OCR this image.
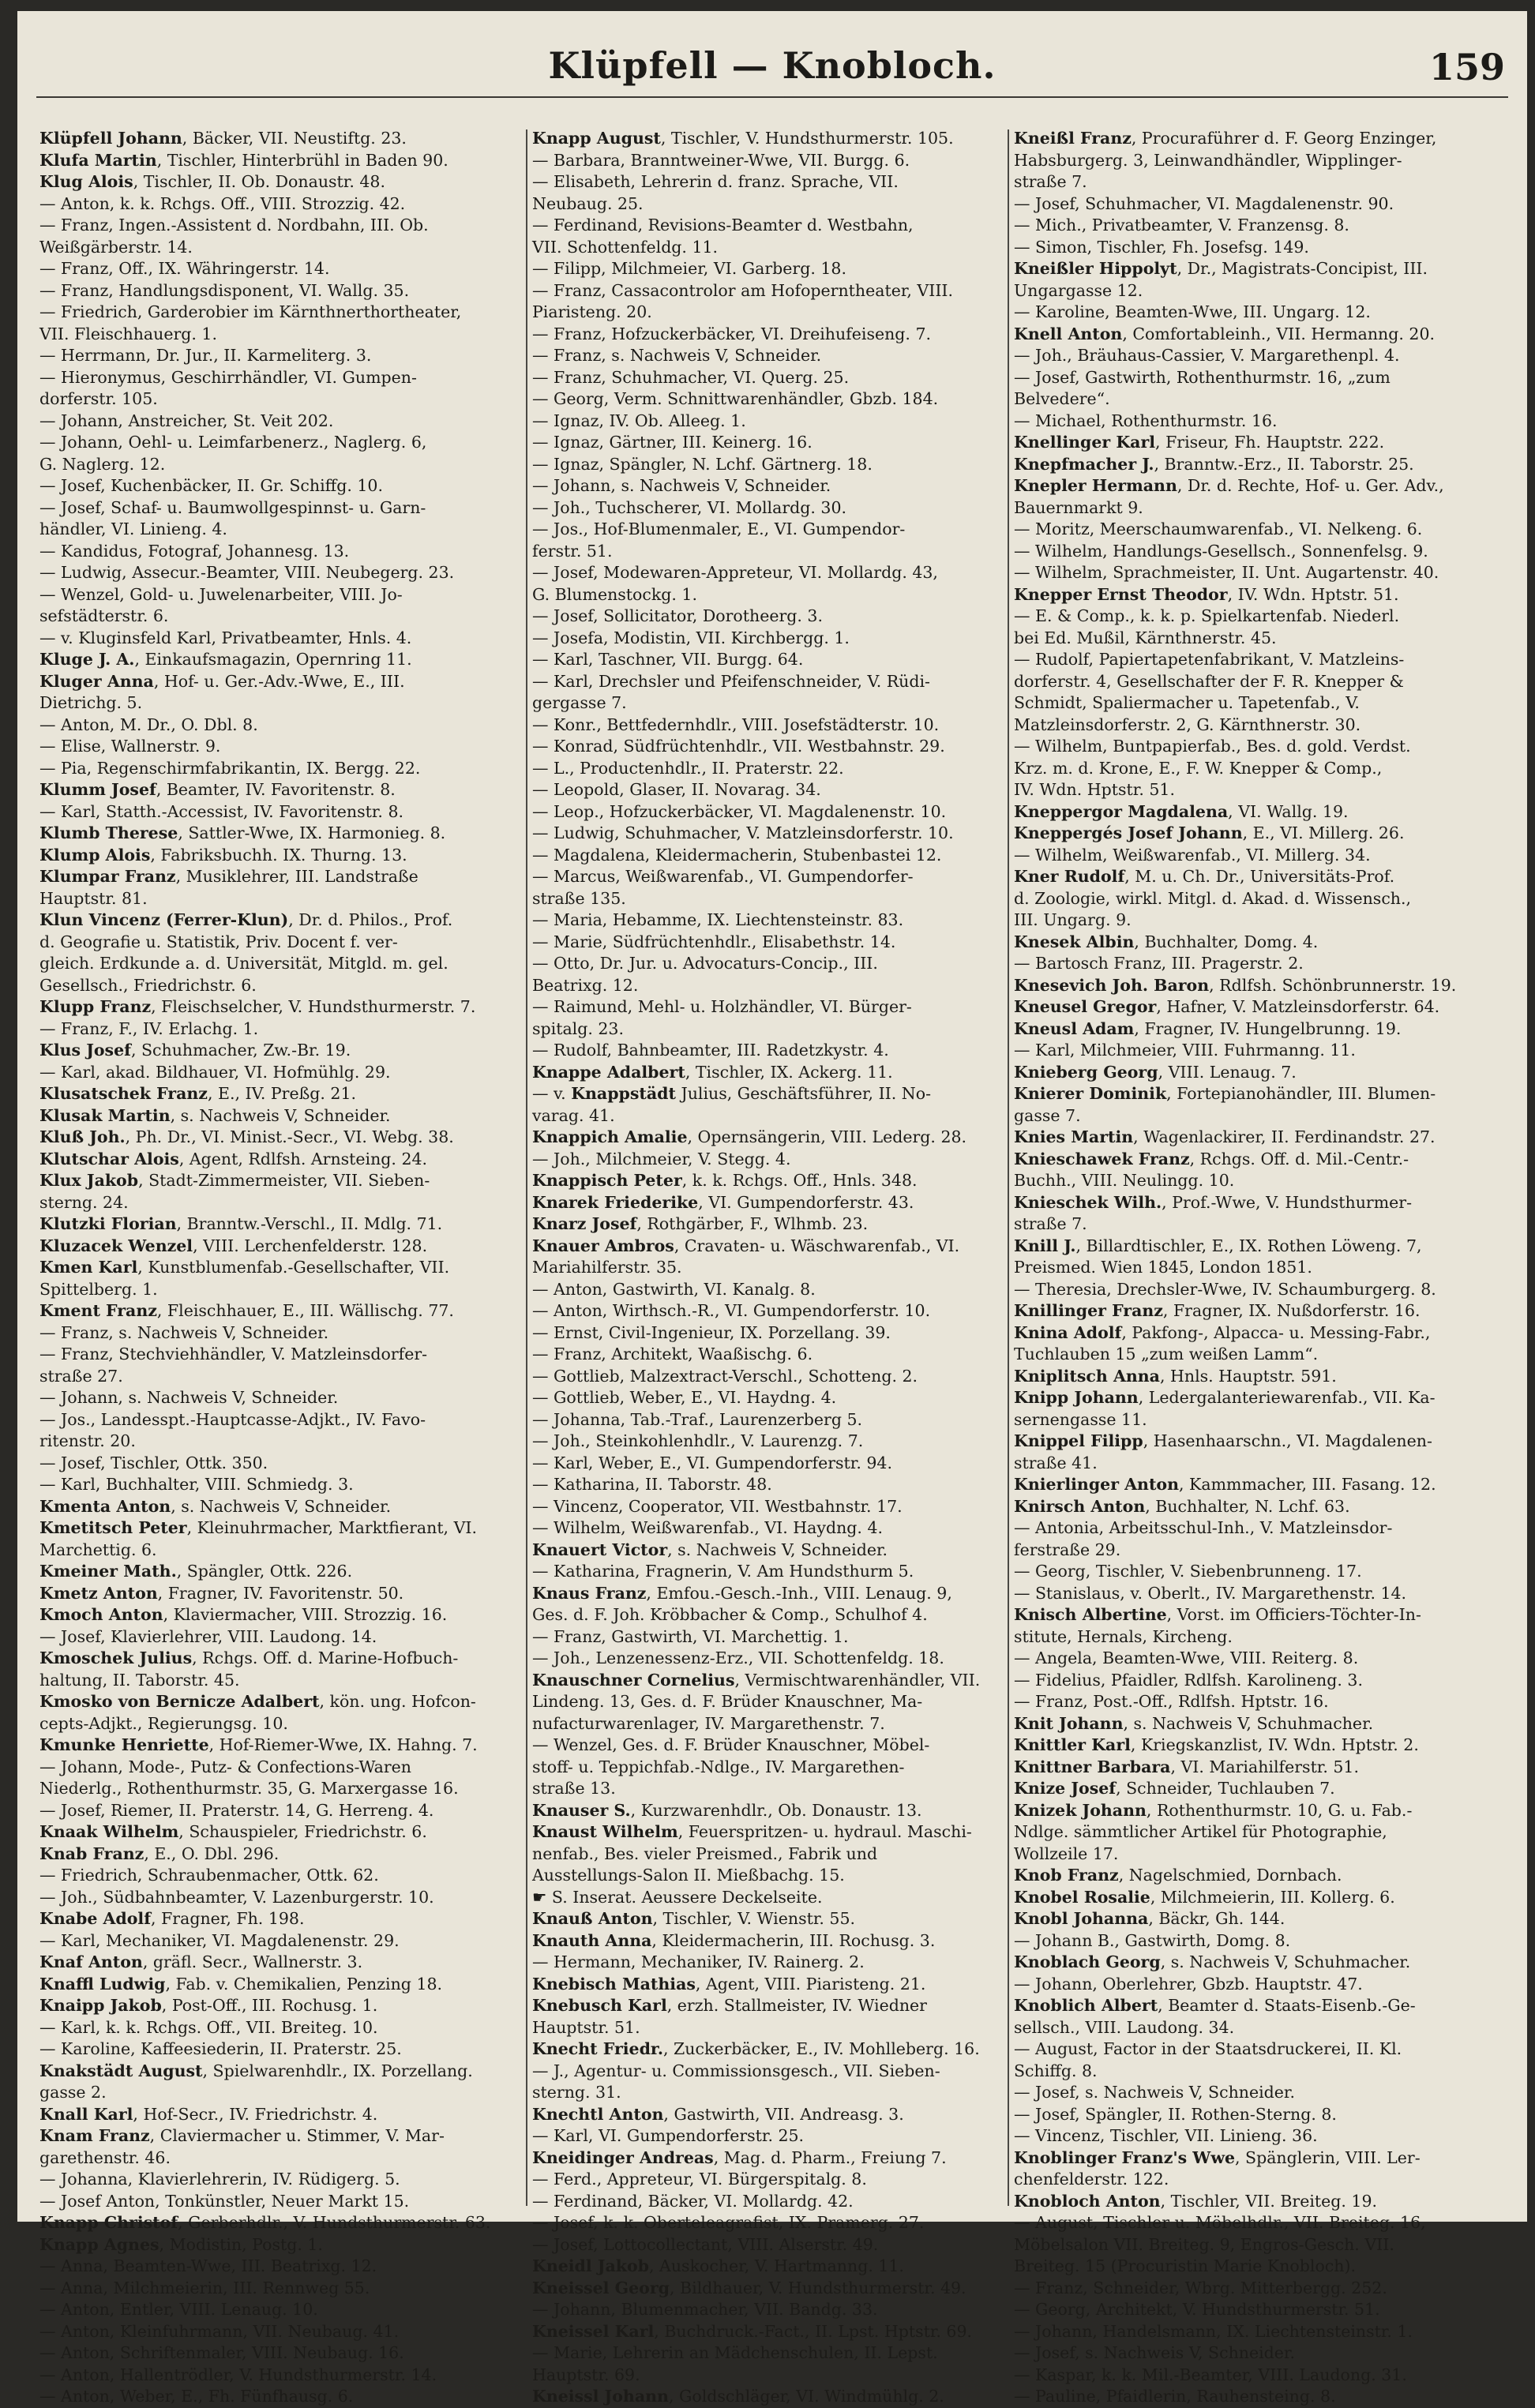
Klüpfell — Knobloch.	159
Klüpfell Johann, Bäcker, VII. Neustiftg. 23.
Klufa Martin, Tischler, Hinterbrühl in Baden 90.
Klug Alois, Tischler, II. Ob. Donaustr. 48.
— Anton, k. k. Rchgs. Off., VIII. Strozzig. 42.
— Franz, Ingen.-Assistent d. Nordbahn, III. Ob.
Weißgärberstr. 14.
— Franz, Off., IX. Währingerstr. 14.
— Franz, Handlungsdisponent, VI. Wallg. 35.
— Friedrich, Garderobier im Kärnthnerthortheater,
VII. Fleischhauerg. 1.
— Herrmann, Dr. Jur., II. Karmeliterg. 3.
— Hieronymus, Geschirrhändler, VI. Gumpen-
dorferstr. 105.
— Johann, Anstreicher, St. Veit 202.
— Johann, Oehl- u. Leimfarbenerz., Naglerg. 6,
G. Naglerg. 12.
— Josef, Kuchenbäcker, II. Gr. Schiffg. 10.
— Josef, Schaf- u. Baumwollgespinnst- u. Garn-
händler, VI. Linieng. 4.
— Kandidus, Fotograf, Johannesg. 13.
— Ludwig, Assecur.-Beamter, VIII. Neubegerg. 23.
— Wenzel, Gold- u. Juwelenarbeiter, VIII. Jo-
sefstädterstr. 6.
— v. Kluginsfeld Karl, Privatbeamter, Hnls. 4.
Kluge J. A., Einkaufsmagazin, Opernring 11.
Kluger Anna, Hof- u. Ger.-Adv.-Wwe, E., III.
Dietrichg. 5.
— Anton, M. Dr., O. Dbl. 8.
— Elise, Wallnerstr. 9.
— Pia, Regenschirmfabrikantin, IX. Bergg. 22.
Klumm Josef, Beamter, IV. Favoritenstr. 8.
— Karl, Statth.-Accessist, IV. Favoritenstr. 8.
Klumb Therese, Sattler-Wwe, IX. Harmonieg. 8.
Klump Alois, Fabriksbuchh. IX. Thurng. 13.
Klumpar Franz, Musiklehrer, III. Landstraße
Hauptstr. 81.
Klun Vincenz (Ferrer-Klun), Dr. d. Philos., Prof.
d. Geografie u. Statistik, Priv. Docent f. ver-
gleich. Erdkunde a. d. Universität, Mitgld. m. gel.
Gesellsch., Friedrichstr. 6.
Klupp Franz, Fleischselcher, V. Hundsthurmerstr. 7.
— Franz, F., IV. Erlachg. 1.
Klus Josef, Schuhmacher, Zw.-Br. 19.
— Karl, akad. Bildhauer, VI. Hofmühlg. 29.
Klusatschek Franz, E., IV. Preßg. 21.
Klusak Martin, s. Nachweis V, Schneider.
Kluß Joh., Ph. Dr., VI. Minist.-Secr., VI. Webg. 38.
Klutschar Alois, Agent, Rdlfsh. Arnsteing. 24.
Klux Jakob, Stadt-Zimmermeister, VII. Sieben-
sterng. 24.
Klutzki Florian, Branntw.-Verschl., II. Mdlg. 71.
Kluzacek Wenzel, VIII. Lerchenfelderstr. 128.
Kmen Karl, Kunstblumenfab.-Gesellschafter, VII.
Spittelberg. 1.
Kment Franz, Fleischhauer, E., III. Wällischg. 77.
— Franz, s. Nachweis V, Schneider.
— Franz, Stechviehhändler, V. Matzleinsdorfer-
straße 27.
— Johann, s. Nachweis V, Schneider.
— Jos., Landesspt.-Hauptcasse-Adjkt., IV. Favo-
ritenstr. 20.
— Josef, Tischler, Ottk. 350.
— Karl, Buchhalter, VIII. Schmiedg. 3.
Kmenta Anton, s. Nachweis V, Schneider.
Kmetitsch Peter, Kleinuhrmacher, Marktfierant, VI.
Marchettig. 6.
Kmeiner Math., Spängler, Ottk. 226.
Kmetz Anton, Fragner, IV. Favoritenstr. 50.
Kmoch Anton, Klaviermacher, VIII. Strozzig. 16.
— Josef, Klavierlehrer, VIII. Laudong. 14.
Kmoschek Julius, Rchgs. Off. d. Marine-Hofbuch-
haltung, II. Taborstr. 45.
Kmosko von Bernicze Adalbert, kön. ung. Hofcon-
cepts-Adjkt., Regierungsg. 10.
Kmunke Henriette, Hof-Riemer-Wwe, IX. Hahng. 7.
— Johann, Mode-, Putz- & Confections-Waren
Niederlg., Rothenthurmstr. 35, G. Marxergasse 16.
— Josef, Riemer, II. Praterstr. 14, G. Herreng. 4.
Knaak Wilhelm, Schauspieler, Friedrichstr. 6.
Knab Franz, E., O. Dbl. 296.
— Friedrich, Schraubenmacher, Ottk. 62.
— Joh., Südbahnbeamter, V. Lazenburgerstr. 10.
Knabe Adolf, Fragner, Fh. 198.
— Karl, Mechaniker, VI. Magdalenenstr. 29.
Knaf Anton, gräfl. Secr., Wallnerstr. 3.
Knaffl Ludwig, Fab. v. Chemikalien, Penzing 18.
Knaipp Jakob, Post-Off., III. Rochusg. 1.
— Karl, k. k. Rchgs. Off., VII. Breiteg. 10.
— Karoline, Kaffeesiederin, II. Praterstr. 25.
Knakstädt August, Spielwarenhdlr., IX. Porzellang.
gasse 2.
Knall Karl, Hof-Secr., IV. Friedrichstr. 4.
Knam Franz, Claviermacher u. Stimmer, V. Mar-
garethenstr. 46.
— Johanna, Klavierlehrerin, IV. Rüdigerg. 5.
— Josef Anton, Tonkünstler, Neuer Markt 15.
Knapp Christof, Gerberhdlr., V. Hundsthurmerstr. 63.
Knapp Agnes, Modistin, Postg. 1.
— Anna, Beamten-Wwe, III. Beatrixg. 12.
— Anna, Milchmeierin, III. Rennweg 55.
— Anton, Entler, VIII. Lenaug. 10.
— Anton, Kleinfuhrmann, VII. Neubaug. 41.
— Anton, Schriftenmaler, VIII. Neubaug. 16.
— Anton, Hallentrödler, V. Hundsthurmerstr. 14.
— Anton, Weber, E., Fh. Fünfhausg. 6.
Knapp August, Tischler, V. Hundsthurmerstr. 105.
— Barbara, Branntweiner-Wwe, VII. Burgg. 6.
— Elisabeth, Lehrerin d. franz. Sprache, VII.
Neubaug. 25.
— Ferdinand, Revisions-Beamter d. Westbahn,
VII. Schottenfeldg. 11.
— Filipp, Milchmeier, VI. Garberg. 18.
— Franz, Cassacontrolor am Hofoperntheater, VIII.
Piaristeng. 20.
— Franz, Hofzuckerbäcker, VI. Dreihufeiseng. 7.
— Franz, s. Nachweis V, Schneider.
— Franz, Schuhmacher, VI. Querg. 25.
— Georg, Verm. Schnittwarenhändler, Gbzb. 184.
— Ignaz, IV. Ob. Alleeg. 1.
— Ignaz, Gärtner, III. Keinerg. 16.
— Ignaz, Spängler, N. Lchf. Gärtnerg. 18.
— Johann, s. Nachweis V, Schneider.
— Joh., Tuchscherer, VI. Mollardg. 30.
— Jos., Hof-Blumenmaler, E., VI. Gumpendor-
ferstr. 51.
— Josef, Modewaren-Appreteur, VI. Mollardg. 43,
G. Blumenstockg. 1.
— Josef, Sollicitator, Dorotheerg. 3.
— Josefa, Modistin, VII. Kirchbergg. 1.
— Karl, Taschner, VII. Burgg. 64.
— Karl, Drechsler und Pfeifenschneider, V. Rüdi-
gergasse 7.
— Konr., Bettfedernhdlr., VIII. Josefstädterstr. 10.
— Konrad, Südfrüchtenhdlr., VII. Westbahnstr. 29.
— L., Productenhdlr., II. Praterstr. 22.
— Leopold, Glaser, II. Novarag. 34.
— Leop., Hofzuckerbäcker, VI. Magdalenenstr. 10.
— Ludwig, Schuhmacher, V. Matzleinsdorferstr. 10.
— Magdalena, Kleidermacherin, Stubenbastei 12.
— Marcus, Weißwarenfab., VI. Gumpendorfer-
straße 135.
— Maria, Hebamme, IX. Liechtensteinstr. 83.
— Marie, Südfrüchtenhdlr., Elisabethstr. 14.
— Otto, Dr. Jur. u. Advocaturs-Concip., III.
Beatrixg. 12.
— Raimund, Mehl- u. Holzhändler, VI. Bürger-
spitalg. 23.
— Rudolf, Bahnbeamter, III. Radetzkystr. 4.
Knappe Adalbert, Tischler, IX. Ackerg. 11.
— v. Knappstädt Julius, Geschäftsführer, II. No-
varag. 41.
Knappich Amalie, Opernsängerin, VIII. Lederg. 28.
— Joh., Milchmeier, V. Stegg. 4.
Knappisch Peter, k. k. Rchgs. Off., Hnls. 348.
Knarek Friederike, VI. Gumpendorferstr. 43.
Knarz Josef, Rothgärber, F., Wlhmb. 23.
Knauer Ambros, Cravaten- u. Wäschwarenfab., VI.
Mariahilferstr. 35.
— Anton, Gastwirth, VI. Kanalg. 8.
— Anton, Wirthsch.-R., VI. Gumpendorferstr. 10.
— Ernst, Civil-Ingenieur, IX. Porzellang. 39.
— Franz, Architekt, Waaßischg. 6.
— Gottlieb, Malzextract-Verschl., Schotteng. 2.
— Gottlieb, Weber, E., VI. Haydng. 4.
— Johanna, Tab.-Traf., Laurenzerberg 5.
— Joh., Steinkohlenhdlr., V. Laurenzg. 7.
— Karl, Weber, E., VI. Gumpendorferstr. 94.
— Katharina, II. Taborstr. 48.
— Vincenz, Cooperator, VII. Westbahnstr. 17.
— Wilhelm, Weißwarenfab., VI. Haydng. 4.
Knauert Victor, s. Nachweis V, Schneider.
— Katharina, Fragnerin, V. Am Hundsthurm 5.
Knaus Franz, Emfou.-Gesch.-Inh., VIII. Lenaug. 9,
Ges. d. F. Joh. Kröbbacher & Comp., Schulhof 4.
— Franz, Gastwirth, VI. Marchettig. 1.
— Joh., Lenzenessenz-Erz., VII. Schottenfeldg. 18.
Knauschner Cornelius, Vermischtwarenhändler, VII.
Lindeng. 13, Ges. d. F. Brüder Knauschner, Ma-
nufacturwarenlager, IV. Margarethenstr. 7.
— Wenzel, Ges. d. F. Brüder Knauschner, Möbel-
stoff- u. Teppichfab.-Ndlge., IV. Margarethen-
straße 13.
Knauser S., Kurzwarenhdlr., Ob. Donaustr. 13.
Knaust Wilhelm, Feuerspritzen- u. hydraul. Maschi-
nenfab., Bes. vieler Preismed., Fabrik und
Ausstellungs-Salon II. Mießbachg. 15.
☛ S. Inserat. Aeussere Deckelseite.
Knauß Anton, Tischler, V. Wienstr. 55.
Knauth Anna, Kleidermacherin, III. Rochusg. 3.
— Hermann, Mechaniker, IV. Rainerg. 2.
Knebisch Mathias, Agent, VIII. Piaristeng. 21.
Knebusch Karl, erzh. Stallmeister, IV. Wiedner
Hauptstr. 51.
Knecht Friedr., Zuckerbäcker, E., IV. Mohlleberg. 16.
— J., Agentur- u. Commissionsgesch., VII. Sieben-
sterng. 31.
Knechtl Anton, Gastwirth, VII. Andreasg. 3.
— Karl, VI. Gumpendorferstr. 25.
Kneidinger Andreas, Mag. d. Pharm., Freiung 7.
— Ferd., Appreteur, VI. Bürgerspitalg. 8.
— Ferdinand, Bäcker, VI. Mollardg. 42.
— Josef, k. k. Oberteleagrafist, IX. Pramerg. 27.
— Josef, Lottocollectant, VIII. Alserstr. 49.
Kneidl Jakob, Auskocher, V. Hartmanng. 11.
Kneissel Georg, Bildhauer, V. Hundsthurmerstr. 49.
— Johann, Blumenmacher, VII. Bandg. 33.
Kneissel Karl, Buchdruck.-Fact., II. Lpst. Hptstr. 69.
— Marie, Lehrerin an Mädchenschulen, II. Lepst.
Hauptstr. 69.
Kneissl Johann, Goldschläger, VI. Windmühlg. 2.
Kneißl Franz, Procuraführer d. F. Georg Enzinger,
Habsburgerg. 3, Leinwandhändler, Wipplinger-
straße 7.
— Josef, Schuhmacher, VI. Magdalenenstr. 90.
— Mich., Privatbeamter, V. Franzensg. 8.
— Simon, Tischler, Fh. Josefsg. 149.
Kneißler Hippolyt, Dr., Magistrats-Concipist, III.
Ungargasse 12.
— Karoline, Beamten-Wwe, III. Ungarg. 12.
Knell Anton, Comfortableinh., VII. Hermanng. 20.
— Joh., Bräuhaus-Cassier, V. Margarethenpl. 4.
— Josef, Gastwirth, Rothenthurmstr. 16, „zum
Belvedere“.
— Michael, Rothenthurmstr. 16.
Knellinger Karl, Friseur, Fh. Hauptstr. 222.
Knepfmacher J., Branntw.-Erz., II. Taborstr. 25.
Knepler Hermann, Dr. d. Rechte, Hof- u. Ger. Adv.,
Bauernmarkt 9.
— Moritz, Meerschaumwarenfab., VI. Nelkeng. 6.
— Wilhelm, Handlungs-Gesellsch., Sonnenfelsg. 9.
— Wilhelm, Sprachmeister, II. Unt. Augartenstr. 40.
Knepper Ernst Theodor, IV. Wdn. Hptstr. 51.
— E. & Comp., k. k. p. Spielkartenfab. Niederl.
bei Ed. Mußil, Kärnthnerstr. 45.
— Rudolf, Papiertapetenfabrikant, V. Matzleins-
dorferstr. 4, Gesellschafter der F. R. Knepper &
Schmidt, Spaliermacher u. Tapetenfab., V.
Matzleinsdorferstr. 2, G. Kärnthnerstr. 30.
— Wilhelm, Buntpapierfab., Bes. d. gold. Verdst.
Krz. m. d. Krone, E., F. W. Knepper & Comp.,
IV. Wdn. Hptstr. 51.
Kneppergor Magdalena, VI. Wallg. 19.
Kneppergés Josef Johann, E., VI. Millerg. 26.
— Wilhelm, Weißwarenfab., VI. Millerg. 34.
Kner Rudolf, M. u. Ch. Dr., Universitäts-Prof.
d. Zoologie, wirkl. Mitgl. d. Akad. d. Wissensch.,
III. Ungarg. 9.
Knesek Albin, Buchhalter, Domg. 4.
— Bartosch Franz, III. Pragerstr. 2.
Knesevich Joh. Baron, Rdlfsh. Schönbrunnerstr. 19.
Kneusel Gregor, Hafner, V. Matzleinsdorferstr. 64.
Kneusl Adam, Fragner, IV. Hungelbrunng. 19.
— Karl, Milchmeier, VIII. Fuhrmanng. 11.
Knieberg Georg, VIII. Lenaug. 7.
Knierer Dominik, Fortepianohändler, III. Blumen-
gasse 7.
Knies Martin, Wagenlackirer, II. Ferdinandstr. 27.
Knieschawek Franz, Rchgs. Off. d. Mil.-Centr.-
Buchh., VIII. Neulingg. 10.
Knieschek Wilh., Prof.-Wwe, V. Hundsthurmer-
straße 7.
Knill J., Billardtischler, E., IX. Rothen Löweng. 7,
Preismed. Wien 1845, London 1851.
— Theresia, Drechsler-Wwe, IV. Schaumburgerg. 8.
Knillinger Franz, Fragner, IX. Nußdorferstr. 16.
Knina Adolf, Pakfong-, Alpacca- u. Messing-Fabr.,
Tuchlauben 15 „zum weißen Lamm“.
Kniplitsch Anna, Hnls. Hauptstr. 591.
Knipp Johann, Ledergalanteriewarenfab., VII. Ka-
sernengasse 11.
Knippel Filipp, Hasenhaarschn., VI. Magdalenen-
straße 41.
Knierlinger Anton, Kammmacher, III. Fasang. 12.
Knirsch Anton, Buchhalter, N. Lchf. 63.
— Antonia, Arbeitsschul-Inh., V. Matzleinsdor-
ferstraße 29.
— Georg, Tischler, V. Siebenbrunneng. 17.
— Stanislaus, v. Oberlt., IV. Margarethenstr. 14.
Knisch Albertine, Vorst. im Officiers-Töchter-In-
stitute, Hernals, Kircheng.
— Angela, Beamten-Wwe, VIII. Reiterg. 8.
— Fidelius, Pfaidler, Rdlfsh. Karolineng. 3.
— Franz, Post.-Off., Rdlfsh. Hptstr. 16.
Knit Johann, s. Nachweis V, Schuhmacher.
Knittler Karl, Kriegskanzlist, IV. Wdn. Hptstr. 2.
Knittner Barbara, VI. Mariahilferstr. 51.
Knize Josef, Schneider, Tuchlauben 7.
Knizek Johann, Rothenthurmstr. 10, G. u. Fab.-
Ndlge. sämmtlicher Artikel für Photographie,
Wollzeile 17.
Knob Franz, Nagelschmied, Dornbach.
Knobel Rosalie, Milchmeierin, III. Kollerg. 6.
Knobl Johanna, Bäckr, Gh. 144.
— Johann B., Gastwirth, Domg. 8.
Knoblach Georg, s. Nachweis V, Schuhmacher.
— Johann, Oberlehrer, Gbzb. Hauptstr. 47.
Knoblich Albert, Beamter d. Staats-Eisenb.-Ge-
sellsch., VIII. Laudong. 34.
— August, Factor in der Staatsdruckerei, II. Kl.
Schiffg. 8.
— Josef, s. Nachweis V, Schneider.
— Josef, Spängler, II. Rothen-Sterng. 8.
— Vincenz, Tischler, VII. Linieng. 36.
Knoblinger Franz's Wwe, Spänglerin, VIII. Ler-
chenfelderstr. 122.
Knobloch Anton, Tischler, VII. Breiteg. 19.
— August, Tischler u. Möbelhdlr., VII. Breiteg. 16,
Möbelsalon VII. Breiteg. 9, Engros-Gesch. VII.
Breiteg. 15 (Procuristin Marie Knobloch).
— Franz, Schneider, Wbrg. Mitterbergg. 252.
— Georg, Architekt, V. Hundsthurmerstr. 51.
— Johann, Handelsmann, IX. Liechtensteinstr. 1.
— Josef, s. Nachweis V, Schneider.
— Kaspar, k. k. Mil.-Beamter, VIII. Laudong. 31.
— Pauline, Pfaidlerin, Rauhensteing. 8.
